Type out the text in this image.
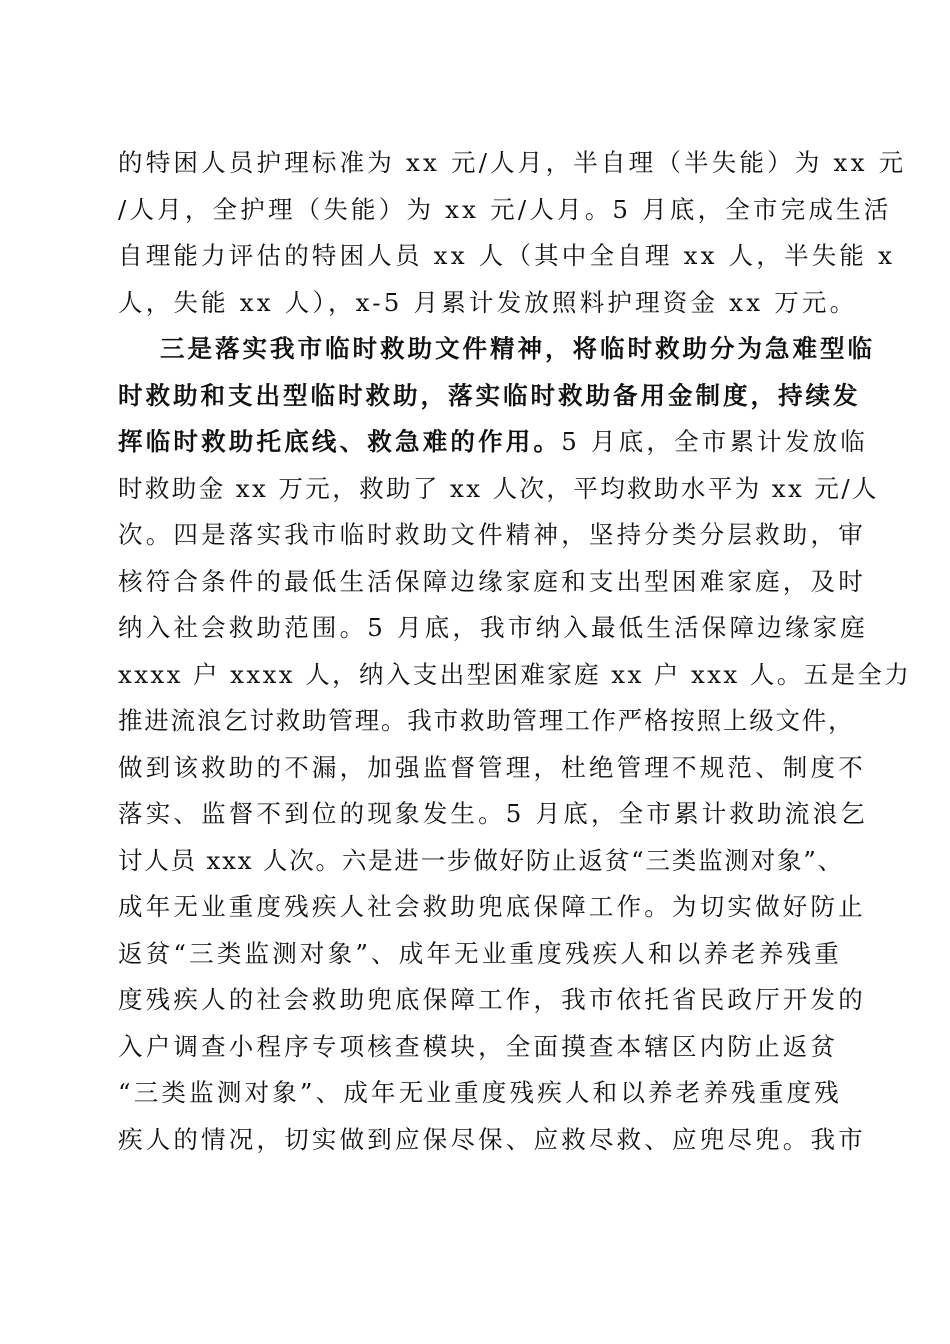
的特困人员护理标准为 xx 元/人月，半自理（半失能）为 xx 元
/人月，全护理（失能）为 xx 元/人月。5 月底，全市完成生活
自理能力评估的特困人员 xx 人（其中全自理 xx 人，半失能 x
人，失能 xx 人），x-5 月累计发放照料护理资金 xx 万元。
三是落实我市临时救助文件精神，将临时救助分为急难型临
时救助和支出型临时救助，落实临时救助备用金制度，持续发
挥临时救助托底线、救急难的作用。5 月底，全市累计发放临
时救助金 xx 万元，救助了 xx 人次，平均救助水平为 xx 元/人
次。四是落实我市临时救助文件精神，坚持分类分层救助，审
核符合条件的最低生活保障边缘家庭和支出型困难家庭，及时
纳入社会救助范围。5 月底，我市纳入最低生活保障边缘家庭
xxxx 户 xxxx 人，纳入支出型困难家庭 xx 户 xxx 人。五是全力
推进流浪乞讨救助管理。我市救助管理工作严格按照上级文件，
做到该救助的不漏，加强监督管理，杜绝管理不规范、制度不
落实、监督不到位的现象发生。5 月底，全市累计救助流浪乞
讨人员 xxx 人次。六是进一步做好防止返贫“三类监测对象”、
成年无业重度残疾人社会救助兜底保障工作。为切实做好防止
返贫“三类监测对象”、成年无业重度残疾人和以养老养残重
度残疾人的社会救助兜底保障工作，我市依托省民政厅开发的
入户调查小程序专项核查模块，全面摸查本辖区内防止返贫
“三类监测对象”、成年无业重度残疾人和以养老养残重度残
疾人的情况，切实做到应保尽保、应救尽救、应兜尽兜。我市
